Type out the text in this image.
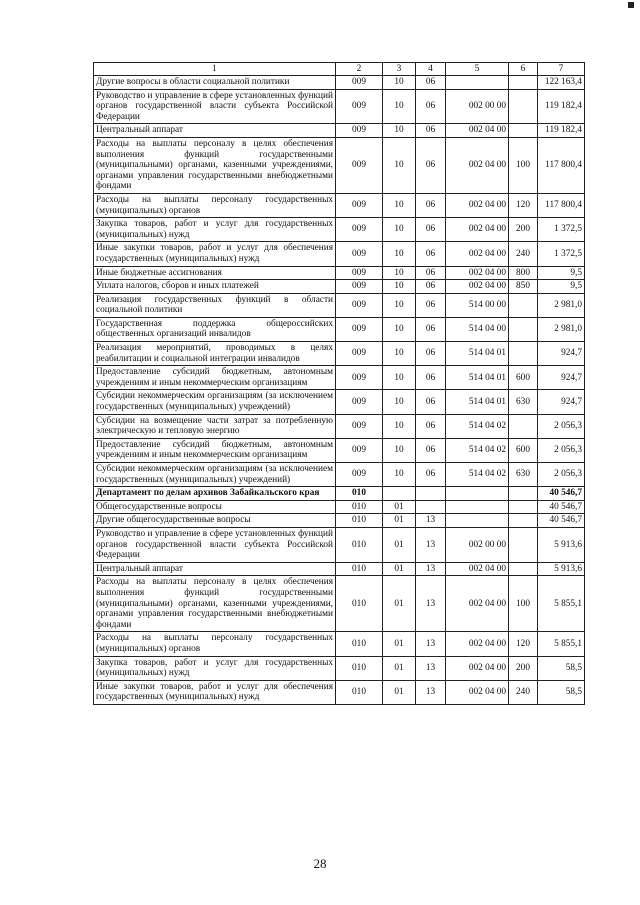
1	2	3	4	5	6	7
Другие вопросы в области социальной политики	009	10	06			122 163,4
Руководство и управление в сфере установленных функций органов государственной власти субъекта Российской Федерации	009	10	06	002 00 00		119 182,4
Центральный аппарат	009	10	06	002 04 00		119 182,4
Расходы на выплаты персоналу в целях обеспечения выполнения функций государственными (муниципальными) органами, казенными учреждениями, органами управления государственными внебюджетными фондами	009	10	06	002 04 00	100	117 800,4
Расходы на выплаты персоналу государственных (муниципальных) органов	009	10	06	002 04 00	120	117 800,4
Закупка товаров, работ и услуг для государственных (муниципальных) нужд	009	10	06	002 04 00	200	1 372,5
Иные закупки товаров, работ и услуг для обеспечения государственных (муниципальных) нужд	009	10	06	002 04 00	240	1 372,5
Иные бюджетные ассигнования	009	10	06	002 04 00	800	9,5
Уплата налогов, сборов и иных платежей	009	10	06	002 04 00	850	9,5
Реализация государственных функций в области социальной политики	009	10	06	514 00 00		2 981,0
Государственная поддержка общероссийских общественных организаций инвалидов	009	10	06	514 04 00		2 981,0
Реализация мероприятий, проводимых в целях реабилитации и социальной интеграции инвалидов	009	10	06	514 04 01		924,7
Предоставление субсидий бюджетным, автономным учреждениям и иным некоммерческим организациям	009	10	06	514 04 01	600	924,7
Субсидии некоммерческим организациям (за исключением государственных (муниципальных) учреждений)	009	10	06	514 04 01	630	924,7
Субсидии на возмещение части затрат за потребленную электрическую и тепловую энергию	009	10	06	514 04 02		2 056,3
Предоставление субсидий бюджетным, автономным учреждениям и иным некоммерческим организациям	009	10	06	514 04 02	600	2 056,3
Субсидии некоммерческим организациям (за исключением государственных (муниципальных) учреждений)	009	10	06	514 04 02	630	2 056,3
Департамент по делам архивов Забайкальского края	010					40 546,7
Общегосударственные вопросы	010	01				40 546,7
Другие общегосударственные вопросы	010	01	13			40 546,7
Руководство и управление в сфере установленных функций органов государственной власти субъекта Российской Федерации	010	01	13	002 00 00		5 913,6
Центральный аппарат	010	01	13	002 04 00		5 913,6
Расходы на выплаты персоналу в целях обеспечения выполнения функций государственными (муниципальными) органами, казенными учреждениями, органами управления государственными внебюджетными фондами	010	01	13	002 04 00	100	5 855,1
Расходы на выплаты персоналу государственных (муниципальных) органов	010	01	13	002 04 00	120	5 855,1
Закупка товаров, работ и услуг для государственных (муниципальных) нужд	010	01	13	002 04 00	200	58,5
Иные закупки товаров, работ и услуг для обеспечения государственных (муниципальных) нужд	010	01	13	002 04 00	240	58,5
28
